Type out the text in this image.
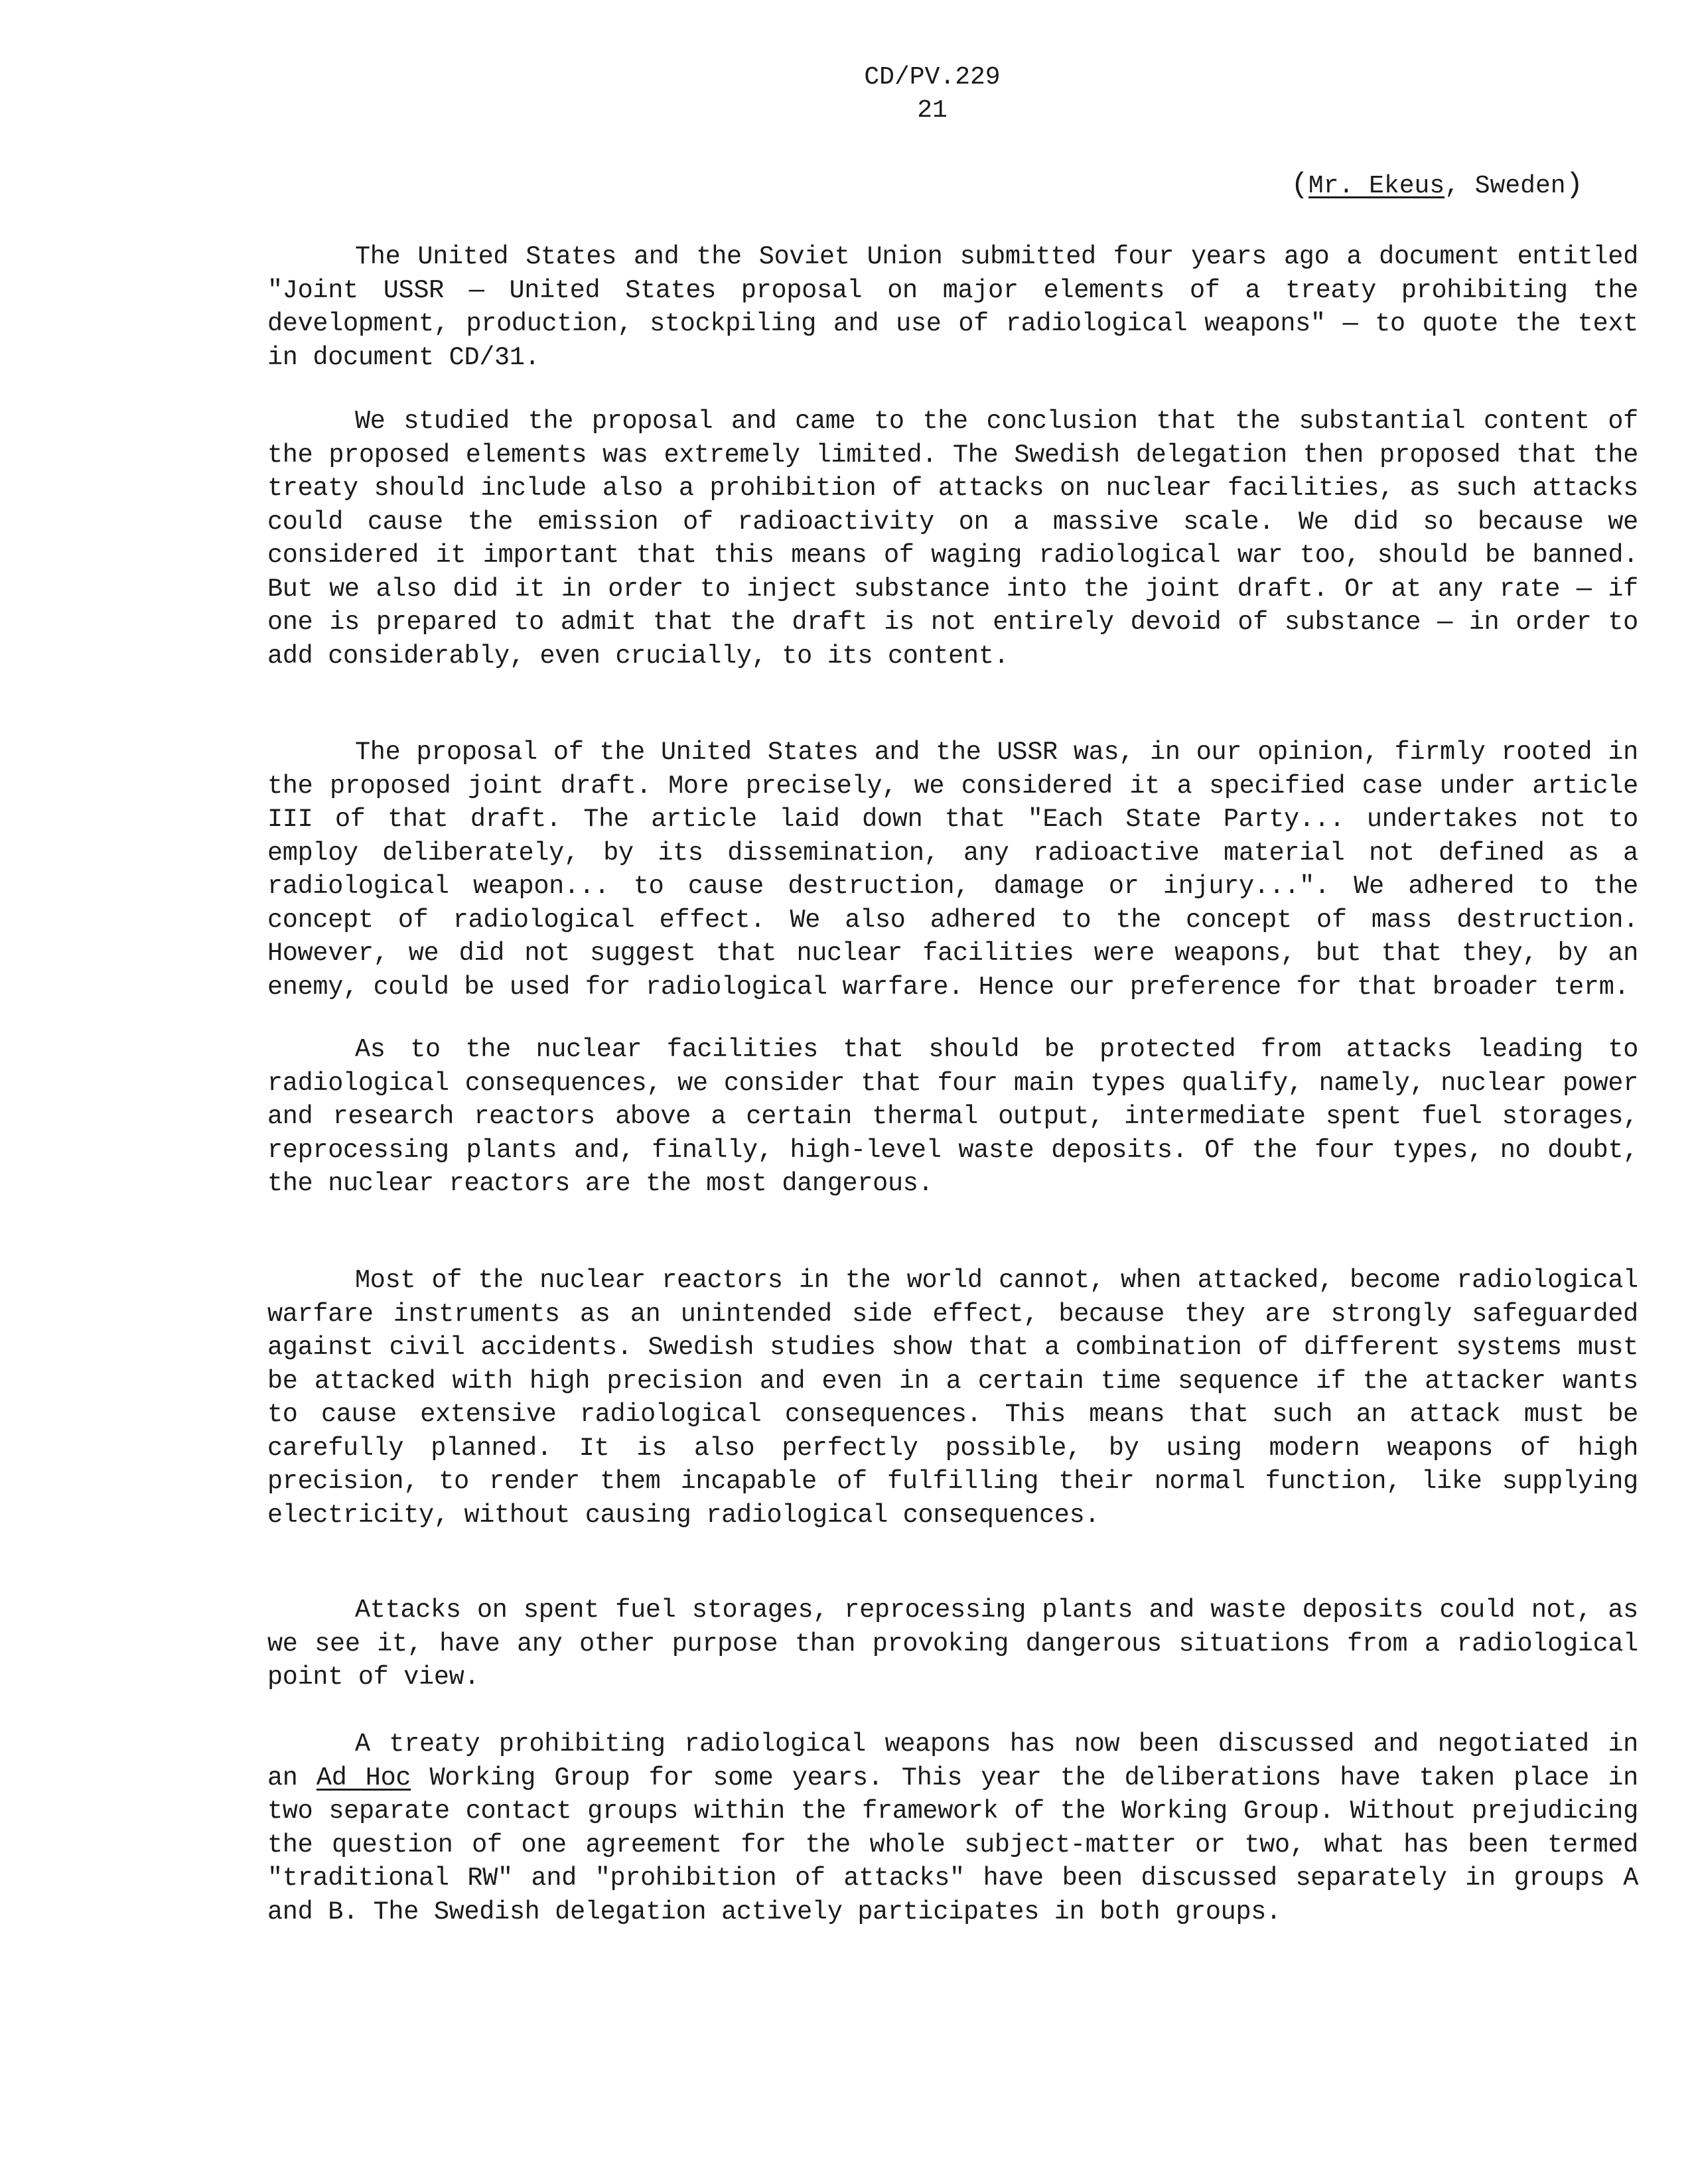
CD/PV.229
21
(Mr. Ekeus, Sweden)

The United States and the Soviet Union submitted four years ago a document entitled "Joint USSR — United States proposal on major elements of a treaty prohibiting the development, production, stockpiling and use of radiological weapons" — to quote the text in document CD/31.

We studied the proposal and came to the conclusion that the substantial content of the proposed elements was extremely limited. The Swedish delegation then proposed that the treaty should include also a prohibition of attacks on nuclear facilities, as such attacks could cause the emission of radioactivity on a massive scale. We did so because we considered it important that this means of waging radiological war too, should be banned. But we also did it in order to inject substance into the joint draft. Or at any rate — if one is prepared to admit that the draft is not entirely devoid of substance — in order to add considerably, even crucially, to its content.

The proposal of the United States and the USSR was, in our opinion, firmly rooted in the proposed joint draft. More precisely, we considered it a specified case under article III of that draft. The article laid down that "Each State Party... undertakes not to employ deliberately, by its dissemination, any radioactive material not defined as a radiological weapon... to cause destruction, damage or injury...". We adhered to the concept of radiological effect. We also adhered to the concept of mass destruction. However, we did not suggest that nuclear facilities were weapons, but that they, by an enemy, could be used for radiological warfare. Hence our preference for that broader term.

As to the nuclear facilities that should be protected from attacks leading to radiological consequences, we consider that four main types qualify, namely, nuclear power and research reactors above a certain thermal output, intermediate spent fuel storages, reprocessing plants and, finally, high-level waste deposits. Of the four types, no doubt, the nuclear reactors are the most dangerous.

Most of the nuclear reactors in the world cannot, when attacked, become radiological warfare instruments as an unintended side effect, because they are strongly safeguarded against civil accidents. Swedish studies show that a combination of different systems must be attacked with high precision and even in a certain time sequence if the attacker wants to cause extensive radiological consequences. This means that such an attack must be carefully planned. It is also perfectly possible, by using modern weapons of high precision, to render them incapable of fulfilling their normal function, like supplying electricity, without causing radiological consequences.

Attacks on spent fuel storages, reprocessing plants and waste deposits could not, as we see it, have any other purpose than provoking dangerous situations from a radiological point of view.

A treaty prohibiting radiological weapons has now been discussed and negotiated in an Ad Hoc Working Group for some years. This year the deliberations have taken place in two separate contact groups within the framework of the Working Group. Without prejudicing the question of one agreement for the whole subject-matter or two, what has been termed "traditional RW" and "prohibition of attacks" have been discussed separately in groups A and B. The Swedish delegation actively participates in both groups.
